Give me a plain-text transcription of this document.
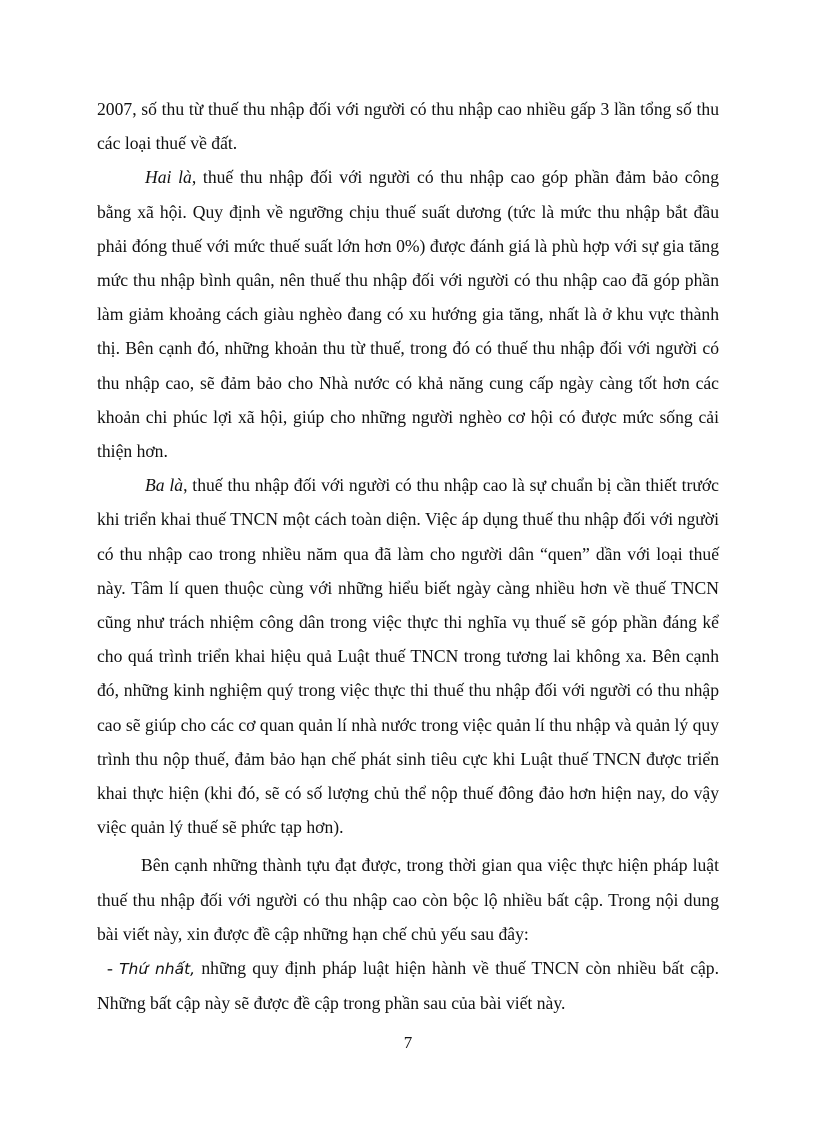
2007, số thu từ thuế thu nhập đối với người có thu nhập cao nhiều gấp 3 lần tổng số thu các loại thuế về đất.

Hai là, thuế thu nhập đối với người có thu nhập cao góp phần đảm bảo công bằng xã hội. Quy định về ngưỡng chịu thuế suất dương (tức là mức thu nhập bắt đầu phải đóng thuế với mức thuế suất lớn hơn 0%) được đánh giá là phù hợp với sự gia tăng mức thu nhập bình quân, nên thuế thu nhập đối với người có thu nhập cao đã góp phần làm giảm khoảng cách giàu nghèo đang có xu hướng gia tăng, nhất là ở khu vực thành thị. Bên cạnh đó, những khoản thu từ thuế, trong đó có thuế thu nhập đối với người có thu nhập cao, sẽ đảm bảo cho Nhà nước có khả năng cung cấp ngày càng tốt hơn các khoản chi phúc lợi xã hội, giúp cho những người nghèo cơ hội có được mức sống cải thiện hơn.

Ba là, thuế thu nhập đối với người có thu nhập cao là sự chuẩn bị cần thiết trước khi triển khai thuế TNCN một cách toàn diện. Việc áp dụng thuế thu nhập đối với người có thu nhập cao trong nhiều năm qua đã làm cho người dân “quen” dần với loại thuế này. Tâm lí quen thuộc cùng với những hiểu biết ngày càng nhiều hơn về thuế TNCN cũng như trách nhiệm công dân trong việc thực thi nghĩa vụ thuế sẽ góp phần đáng kể cho quá trình triển khai hiệu quả Luật thuế TNCN trong tương lai không xa. Bên cạnh đó, những kinh nghiệm quý trong việc thực thi thuế thu nhập đối với người có thu nhập cao sẽ giúp cho các cơ quan quản lí nhà nước trong việc quản lí thu nhập và quản lý quy trình thu nộp thuế, đảm bảo hạn chế phát sinh tiêu cực khi Luật thuế TNCN được triển khai thực hiện (khi đó, sẽ có số lượng chủ thể nộp thuế đông đảo hơn hiện nay, do vậy việc quản lý thuế sẽ phức tạp hơn).

Bên cạnh những thành tựu đạt được, trong thời gian qua việc thực hiện pháp luật thuế thu nhập đối với người có thu nhập cao còn bộc lộ nhiều bất cập. Trong nội dung bài viết này, xin được đề cập những hạn chế chủ yếu sau đây:

- Thứ nhất, những quy định pháp luật hiện hành về thuế TNCN còn nhiều bất cập. Những bất cập này sẽ được đề cập trong phần sau của bài viết này.

7
